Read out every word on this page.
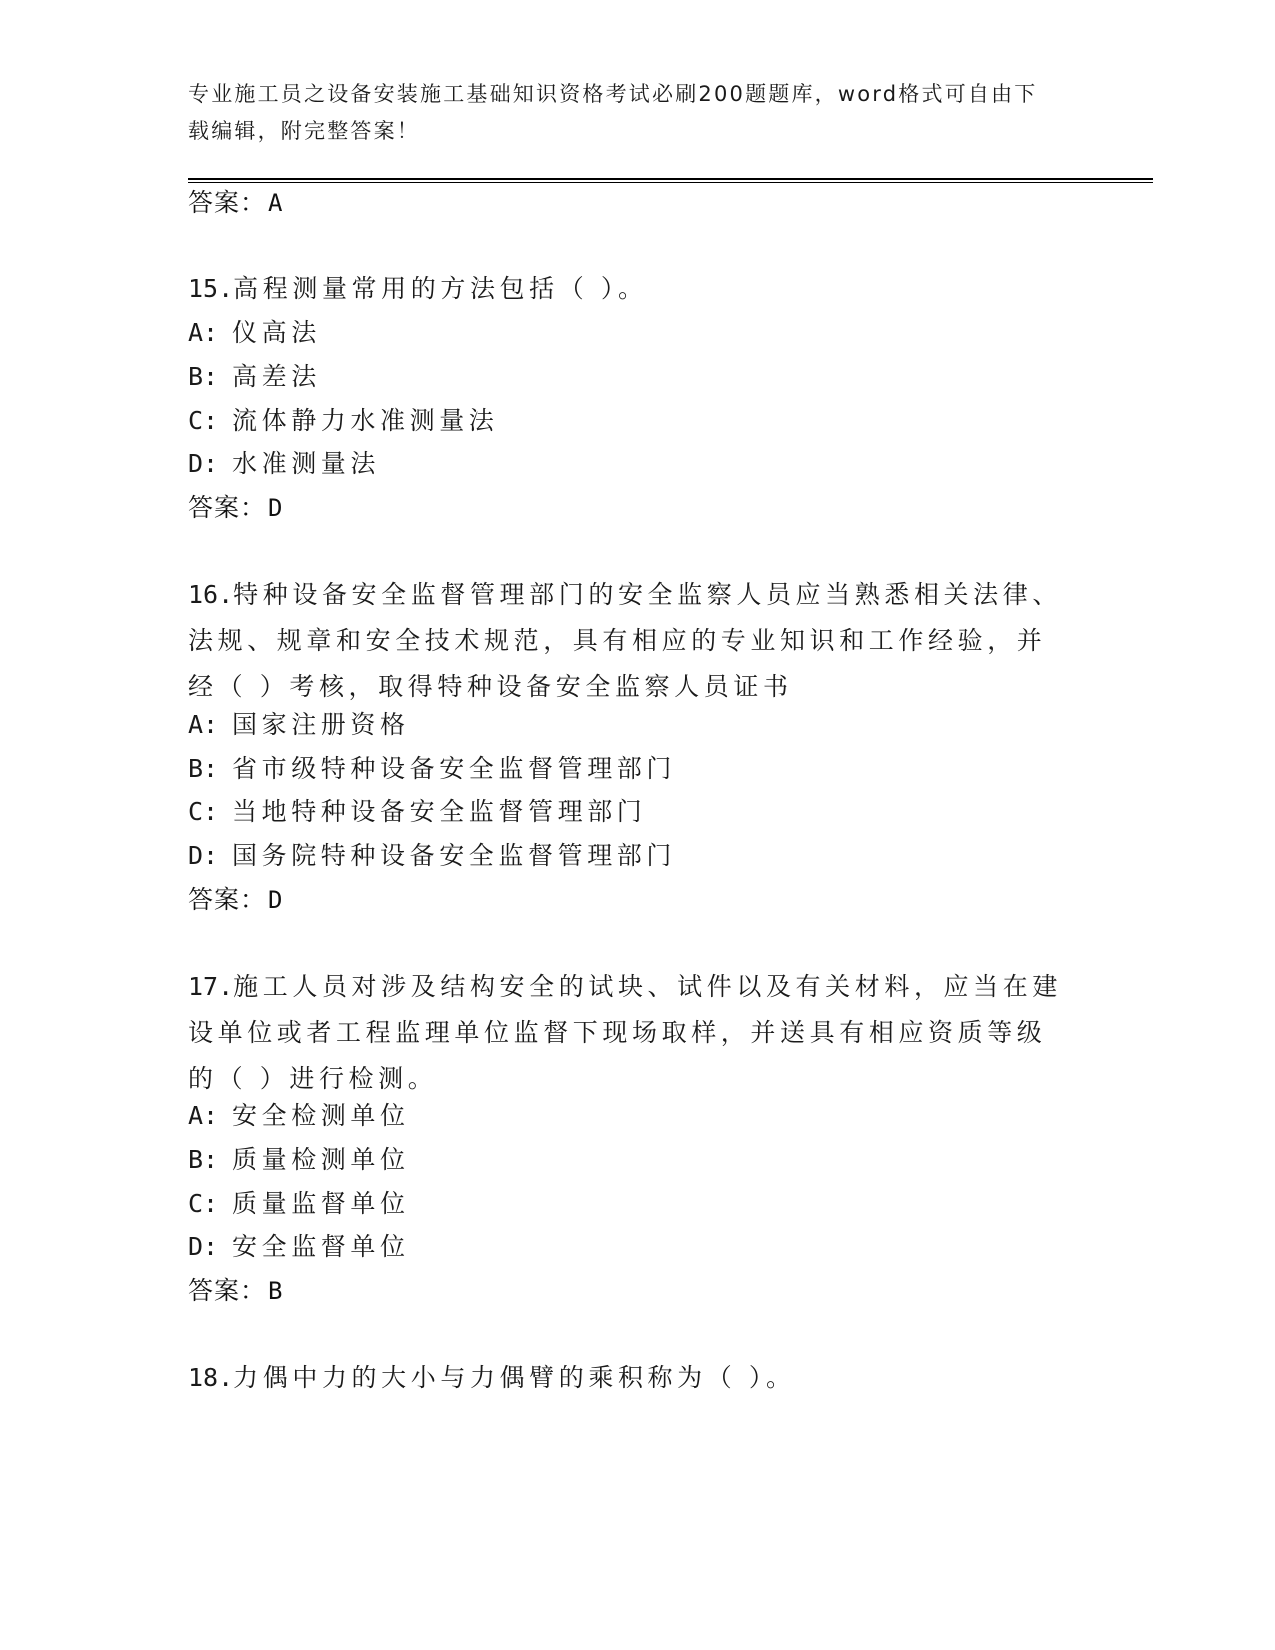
专业施工员之设备安装施工基础知识资格考试必刷200题题库，word格式可自由下载编辑，附完整答案！
答案：A
15.高程测量常用的方法包括（ ）。
A: 仪高法
B: 高差法
C: 流体静力水准测量法
D: 水准测量法
答案：D
16.特种设备安全监督管理部门的安全监察人员应当熟悉相关法律、法规、规章和安全技术规范，具有相应的专业知识和工作经验，并经（ ）考核，取得特种设备安全监察人员证书
A: 国家注册资格
B: 省市级特种设备安全监督管理部门
C: 当地特种设备安全监督管理部门
D: 国务院特种设备安全监督管理部门
答案：D
17.施工人员对涉及结构安全的试块、试件以及有关材料，应当在建设单位或者工程监理单位监督下现场取样，并送具有相应资质等级的（ ）进行检测。
A: 安全检测单位
B: 质量检测单位
C: 质量监督单位
D: 安全监督单位
答案：B
18.力偶中力的大小与力偶臂的乘积称为（ ）。
